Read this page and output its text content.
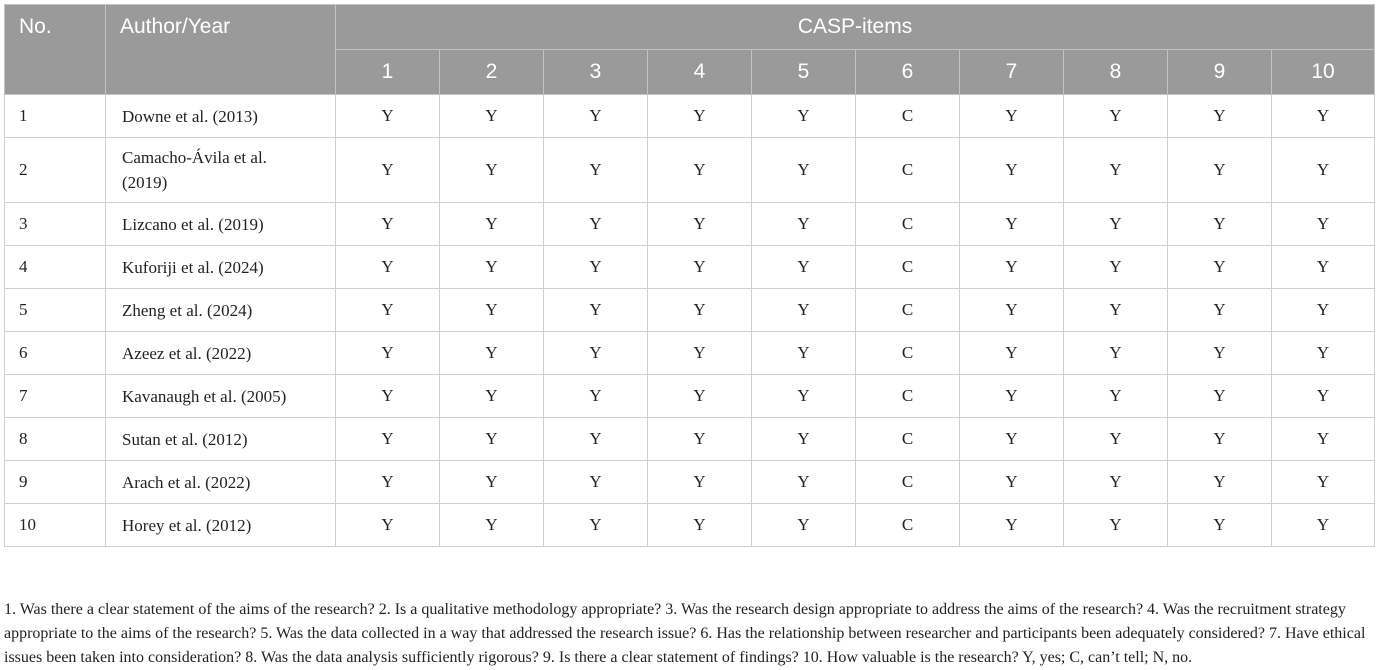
No.	Author/Year	CASP-items									
		1	2	3	4	5	6	7	8	9	10
1	Downe et al. (2013)	Y	Y	Y	Y	Y	C	Y	Y	Y	Y
2	Camacho-Ávila et al. (2019)	Y	Y	Y	Y	Y	C	Y	Y	Y	Y
3	Lizcano et al. (2019)	Y	Y	Y	Y	Y	C	Y	Y	Y	Y
4	Kuforiji et al. (2024)	Y	Y	Y	Y	Y	C	Y	Y	Y	Y
5	Zheng et al. (2024)	Y	Y	Y	Y	Y	C	Y	Y	Y	Y
6	Azeez et al. (2022)	Y	Y	Y	Y	Y	C	Y	Y	Y	Y
7	Kavanaugh et al. (2005)	Y	Y	Y	Y	Y	C	Y	Y	Y	Y
8	Sutan et al. (2012)	Y	Y	Y	Y	Y	C	Y	Y	Y	Y
9	Arach et al. (2022)	Y	Y	Y	Y	Y	C	Y	Y	Y	Y
10	Horey et al. (2012)	Y	Y	Y	Y	Y	C	Y	Y	Y	Y

1. Was there a clear statement of the aims of the research? 2. Is a qualitative methodology appropriate? 3. Was the research design appropriate to address the aims of the research? 4. Was the recruitment strategy appropriate to the aims of the research? 5. Was the data collected in a way that addressed the research issue? 6. Has the relationship between researcher and participants been adequately considered? 7. Have ethical issues been taken into consideration? 8. Was the data analysis sufficiently rigorous? 9. Is there a clear statement of findings? 10. How valuable is the research? Y, yes; C, can’t tell; N, no.
